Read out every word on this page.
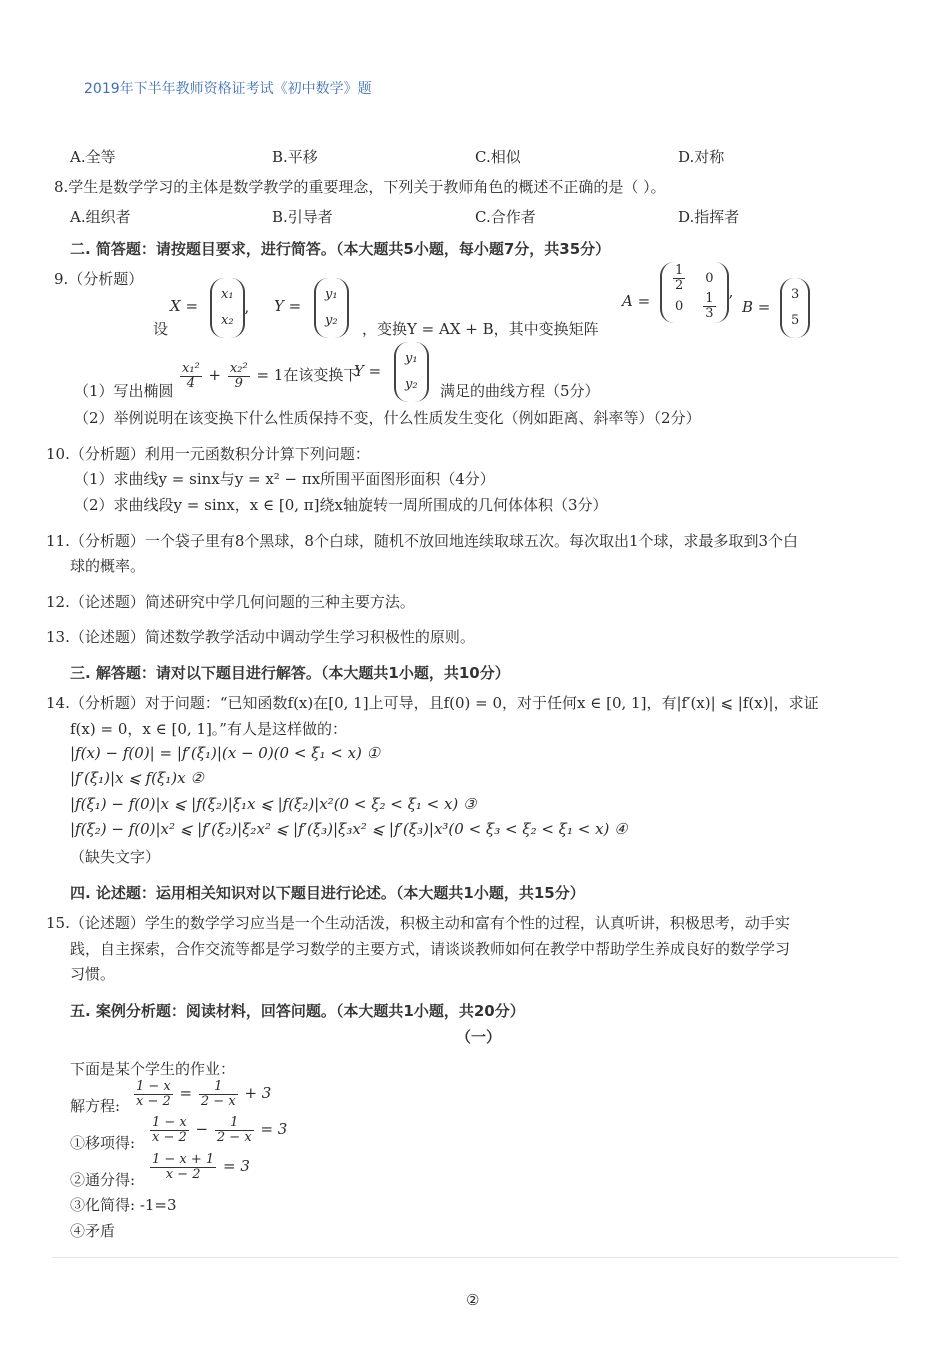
2019年下半年教师资格证考试《初中数学》题
A.全等	B.平移	C.相似	D.对称
8.学生是数学学习的主体是数学教学的重要理念，下列关于教师角色的概述不正确的是（ ）。
A.组织者	B.引导者	C.合作者	D.指挥者
二. 简答题：请按题目要求，进行简答。（本大题共5小题，每小题7分，共35分）
9.（分析题）
设
X =
x₁
x₂, Y =
y₁
y₂	，变换Y = AX + B，其中变换矩阵
A =
$\frac{1}{2}$	0
0	$\frac{1}{3}$
,
B =
3
5
（1）写出椭圆
$\frac{\text{x₁²}}{4} + \frac{\text{x₂²}}{9} = 1$在该变换下
Y =
y₁
y₂	满足的曲线方程（5分）
（2）举例说明在该变换下什么性质保持不变，什么性质发生变化（例如距离、斜率等）（2分）
10.（分析题）利用一元函数积分计算下列问题：
（1）求曲线y = sinx与y = x² − πx所围平面图形面积（4分）
（2）求曲线段y = sinx，x ∈ [0, π]绕x轴旋转一周所围成的几何体体积（3分）
11.（分析题）一个袋子里有8个黑球，8个白球，随机不放回地连续取球五次。每次取出1个球，求最多取到3个白
球的概率。
12.（论述题）简述研究中学几何问题的三种主要方法。
13.（论述题）简述数学教学活动中调动学生学习积极性的原则。
三. 解答题：请对以下题目进行解答。（本大题共1小题，共10分）
14.（分析题）对于问题：“已知函数f(x)在[0, 1]上可导，且f(0) = 0，对于任何x ∈ [0, 1]，有|f′(x)| ⩽ |f(x)|，求证
f(x) = 0，x ∈ [0, 1]。”有人是这样做的：
|f(x) − f(0)| = |f′(ξ₁)|(x − 0)(0 < ξ₁ < x) ①
|f′(ξ₁)|x ⩽ f(ξ₁)x ②
|f(ξ₁) − f(0)|x ⩽ |f(ξ₂)|ξ₁x ⩽ |f(ξ₂)|x²(0 < ξ₂ < ξ₁ < x) ③
|f(ξ₂) − f(0)|x² ⩽ |f′(ξ₂)|ξ₂x² ⩽ |f′(ξ₃)|ξ₃x² ⩽ |f′(ξ₃)|x³(0 < ξ₃ < ξ₂ < ξ₁ < x) ④
（缺失文字）
四. 论述题：运用相关知识对以下题目进行论述。（本大题共1小题，共15分）
15.（论述题）学生的数学学习应当是一个生动活泼，积极主动和富有个性的过程，认真听讲，积极思考，动手实
践，自主探索，合作交流等都是学习数学的主要方式，请谈谈教师如何在教学中帮助学生养成良好的数学学习
习惯。
五. 案例分析题：阅读材料，回答问题。（本大题共1小题，共20分）
（一）
下面是某个学生的作业：
解方程: $\frac{1 - x}{x - 2} = \frac{1}{2 - x} + 3$
①移项得: $\frac{1 - x}{x - 2} - \frac{1}{2 - x} = 3$
②通分得: $\frac{1 - x + 1}{x - 2} = 3$
③化简得: -1=3
④矛盾
②
